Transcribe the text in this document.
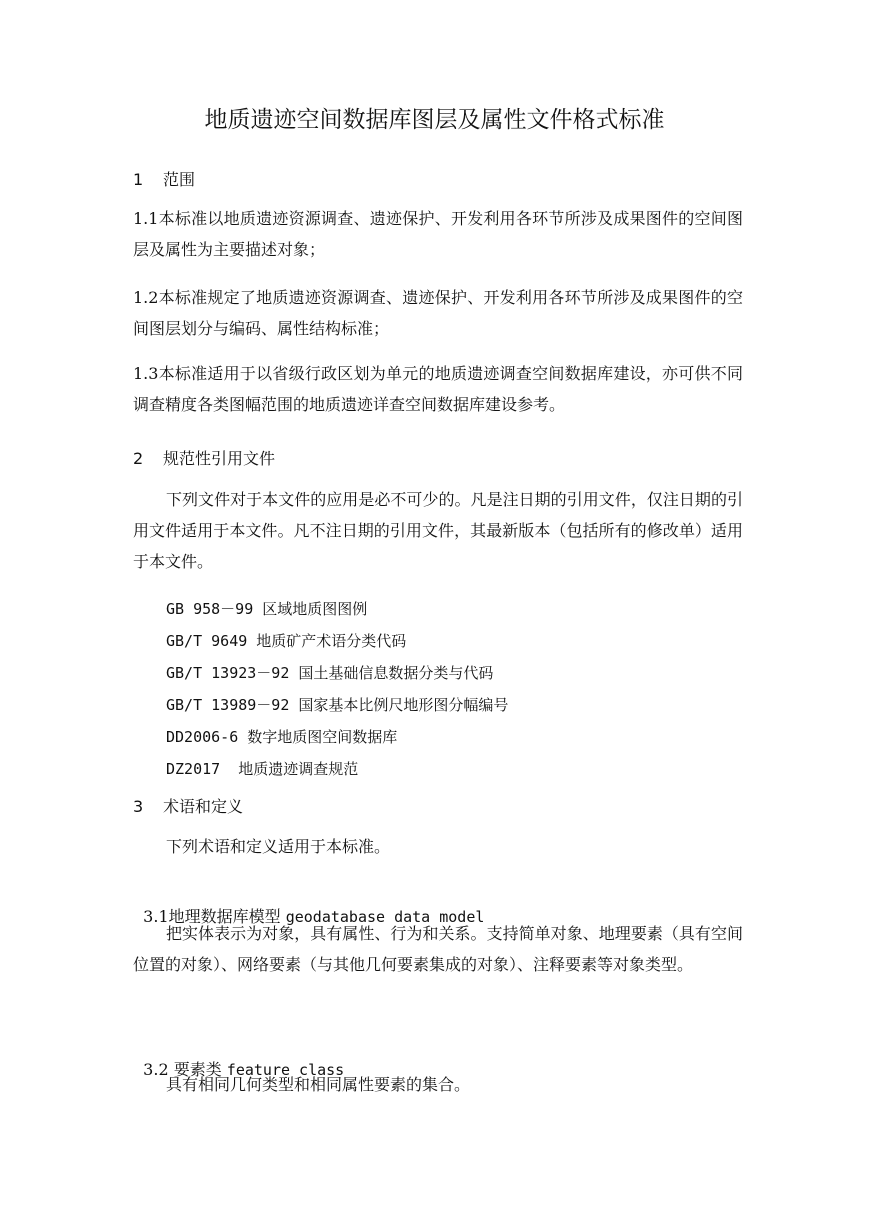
地质遗迹空间数据库图层及属性文件格式标准
1 范围

1.1本标准以地质遗迹资源调查、遗迹保护、开发利用各环节所涉及成果图件的空间图层及属性为主要描述对象；

1.2本标准规定了地质遗迹资源调查、遗迹保护、开发利用各环节所涉及成果图件的空间图层划分与编码、属性结构标准；

1.3本标准适用于以省级行政区划为单元的地质遗迹调查空间数据库建设，亦可供不同调查精度各类图幅范围的地质遗迹详查空间数据库建设参考。

2 规范性引用文件

下列文件对于本文件的应用是必不可少的。凡是注日期的引用文件，仅注日期的引用文件适用于本文件。凡不注日期的引用文件，其最新版本（包括所有的修改单）适用于本文件。

GB 958－99 区域地质图图例
GB/T 9649 地质矿产术语分类代码
GB/T 13923－92 国土基础信息数据分类与代码
GB/T 13989－92 国家基本比例尺地形图分幅编号
DD2006-6 数字地质图空间数据库
DZ2017  地质遗迹调查规范
3 术语和定义

下列术语和定义适用于本标准。

3.1地理数据库模型 geodatabase data model

把实体表示为对象，具有属性、行为和关系。支持简单对象、地理要素（具有空间位置的对象）、网络要素（与其他几何要素集成的对象）、注释要素等对象类型。

3.2 要素类 feature class

具有相同几何类型和相同属性要素的集合。
